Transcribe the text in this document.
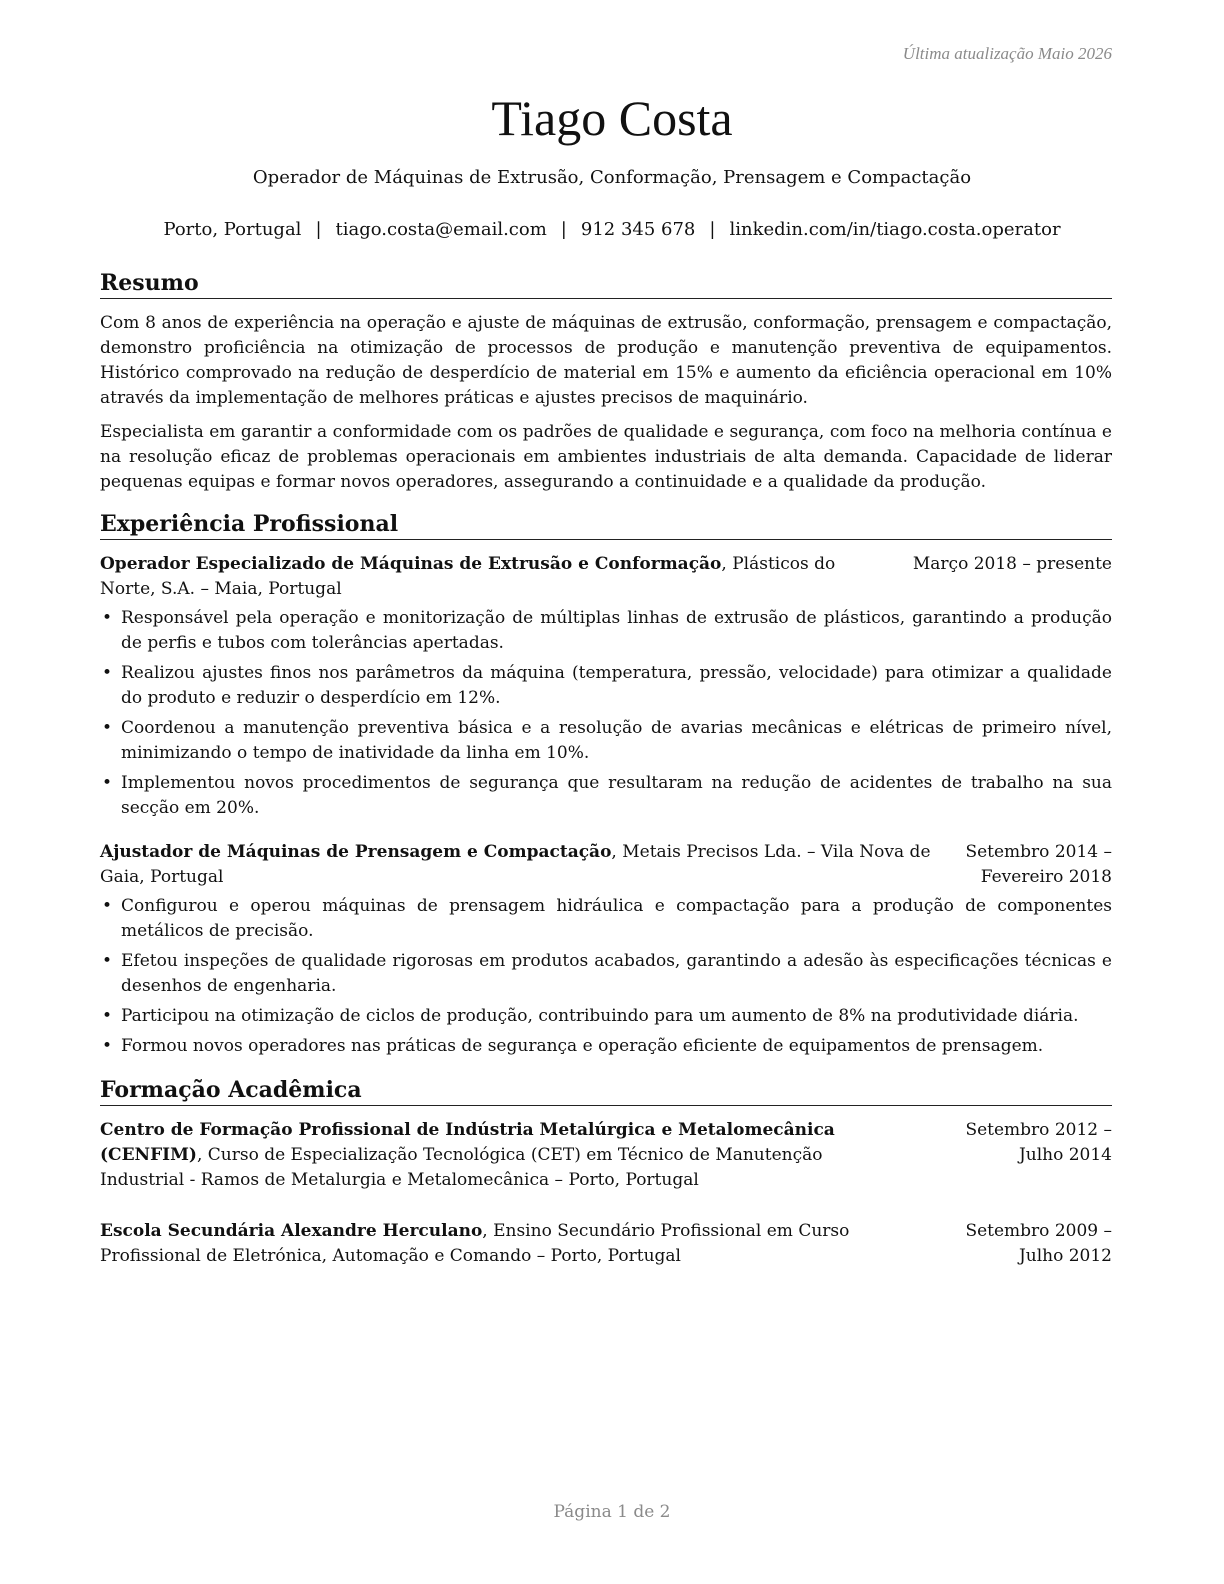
Última atualização Maio 2026
Tiago Costa
Operador de Máquinas de Extrusão, Conformação, Prensagem e Compactação
Porto, Portugal | tiago.costa@email.com | 912 345 678 | linkedin.com/in/tiago.costa.operator
Resumo

Com 8 anos de experiência na operação e ajuste de máquinas de extrusão, conformação, prensagem e compactação, demonstro proficiência na otimização de processos de produção e manutenção preventiva de equipamentos. Histórico comprovado na redução de desperdício de material em 15% e aumento da eficiência operacional em 10% através da implementação de melhores práticas e ajustes precisos de maquinário.

Especialista em garantir a conformidade com os padrões de qualidade e segurança, com foco na melhoria contínua e na resolução eficaz de problemas operacionais em ambientes industriais de alta demanda. Capacidade de liderar pequenas equipas e formar novos operadores, assegurando a continuidade e a qualidade da produção.

Experiência Profissional
Operador Especializado de Máquinas de Extrusão e Conformação, Plásticos do Norte, S.A. – Maia, Portugal
Março 2018 – presente
• Responsável pela operação e monitorização de múltiplas linhas de extrusão de plásticos, garantindo a produção de perfis e tubos com tolerâncias apertadas.
• Realizou ajustes finos nos parâmetros da máquina (temperatura, pressão, velocidade) para otimizar a qualidade do produto e reduzir o desperdício em 12%.
• Coordenou a manutenção preventiva básica e a resolução de avarias mecânicas e elétricas de primeiro nível, minimizando o tempo de inatividade da linha em 10%.
• Implementou novos procedimentos de segurança que resultaram na redução de acidentes de trabalho na sua secção em 20%.
Ajustador de Máquinas de Prensagem e Compactação, Metais Precisos Lda. – Vila Nova de Gaia, Portugal
Setembro 2014 – Fevereiro 2018
• Configurou e operou máquinas de prensagem hidráulica e compactação para a produção de componentes metálicos de precisão.
• Efetou inspeções de qualidade rigorosas em produtos acabados, garantindo a adesão às especificações técnicas e desenhos de engenharia.
• Participou na otimização de ciclos de produção, contribuindo para um aumento de 8% na produtividade diária.
• Formou novos operadores nas práticas de segurança e operação eficiente de equipamentos de prensagem.
Formação Acadêmica
Centro de Formação Profissional de Indústria Metalúrgica e Metalomecânica (CENFIM), Curso de Especialização Tecnológica (CET) em Técnico de Manutenção Industrial - Ramos de Metalurgia e Metalomecânica – Porto, Portugal
Setembro 2012 – Julho 2014
Escola Secundária Alexandre Herculano, Ensino Secundário Profissional em Curso Profissional de Eletrónica, Automação e Comando – Porto, Portugal
Setembro 2009 – Julho 2012
Página 1 de 2
